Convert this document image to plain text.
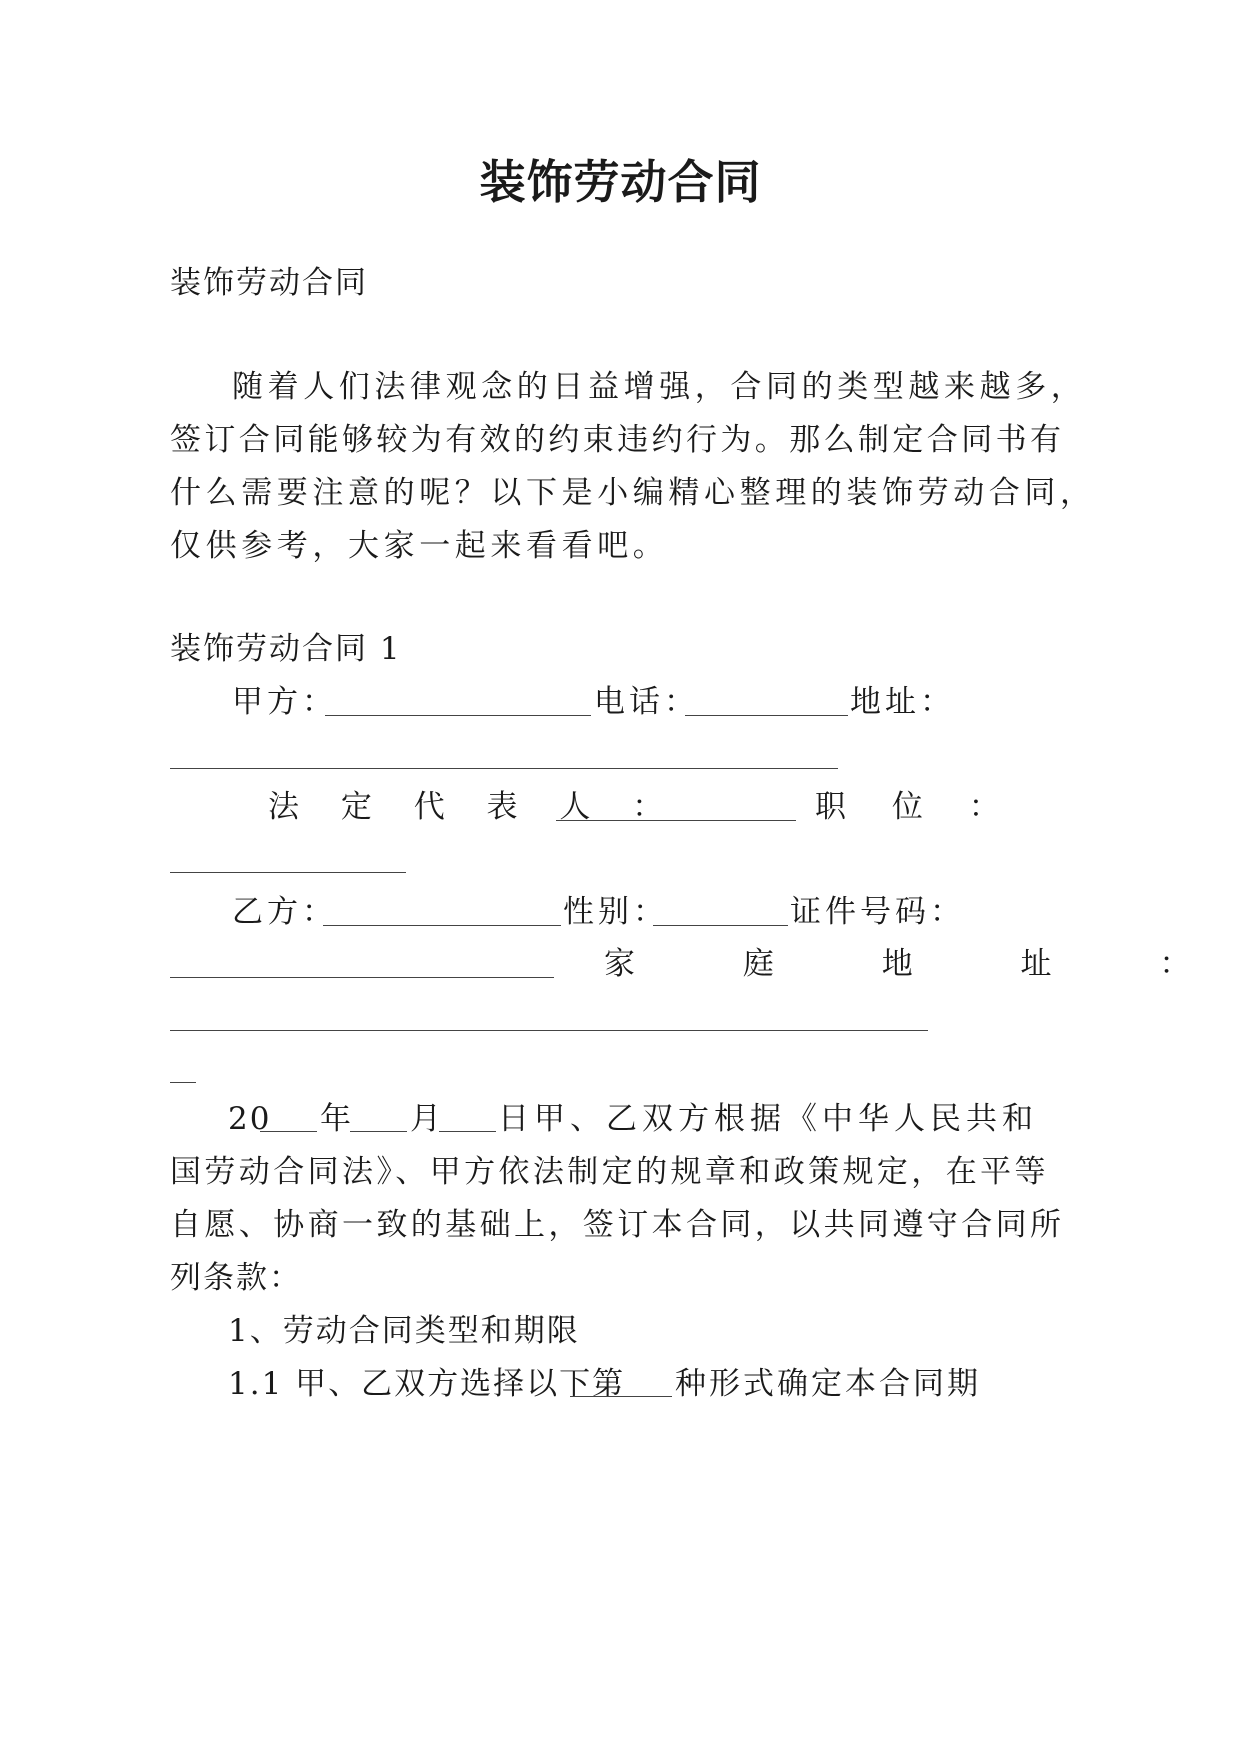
装饰劳动合同
装饰劳动合同
随着人们法律观念的日益增强，合同的类型越来越多，
签订合同能够较为有效的约束违约行为。那么制定合同书有
什么需要注意的呢？以下是小编精心整理的装饰劳动合同，
仅供参考，大家一起来看看吧。
装饰劳动合同 1
甲方：	电话：	地址：
法 定 代 表 人 ：	职 位 ：
乙方：	性别：	证件号码：
家 庭 地 址 ：
20 年 月 日甲、乙双方根据《中华人民共和
国劳动合同法》、甲方依法制定的规章和政策规定，在平等
自愿、协商一致的基础上，签订本合同，以共同遵守合同所
列条款：
1、劳动合同类型和期限
1.1 甲、乙双方选择以下第 种形式确定本合同期
